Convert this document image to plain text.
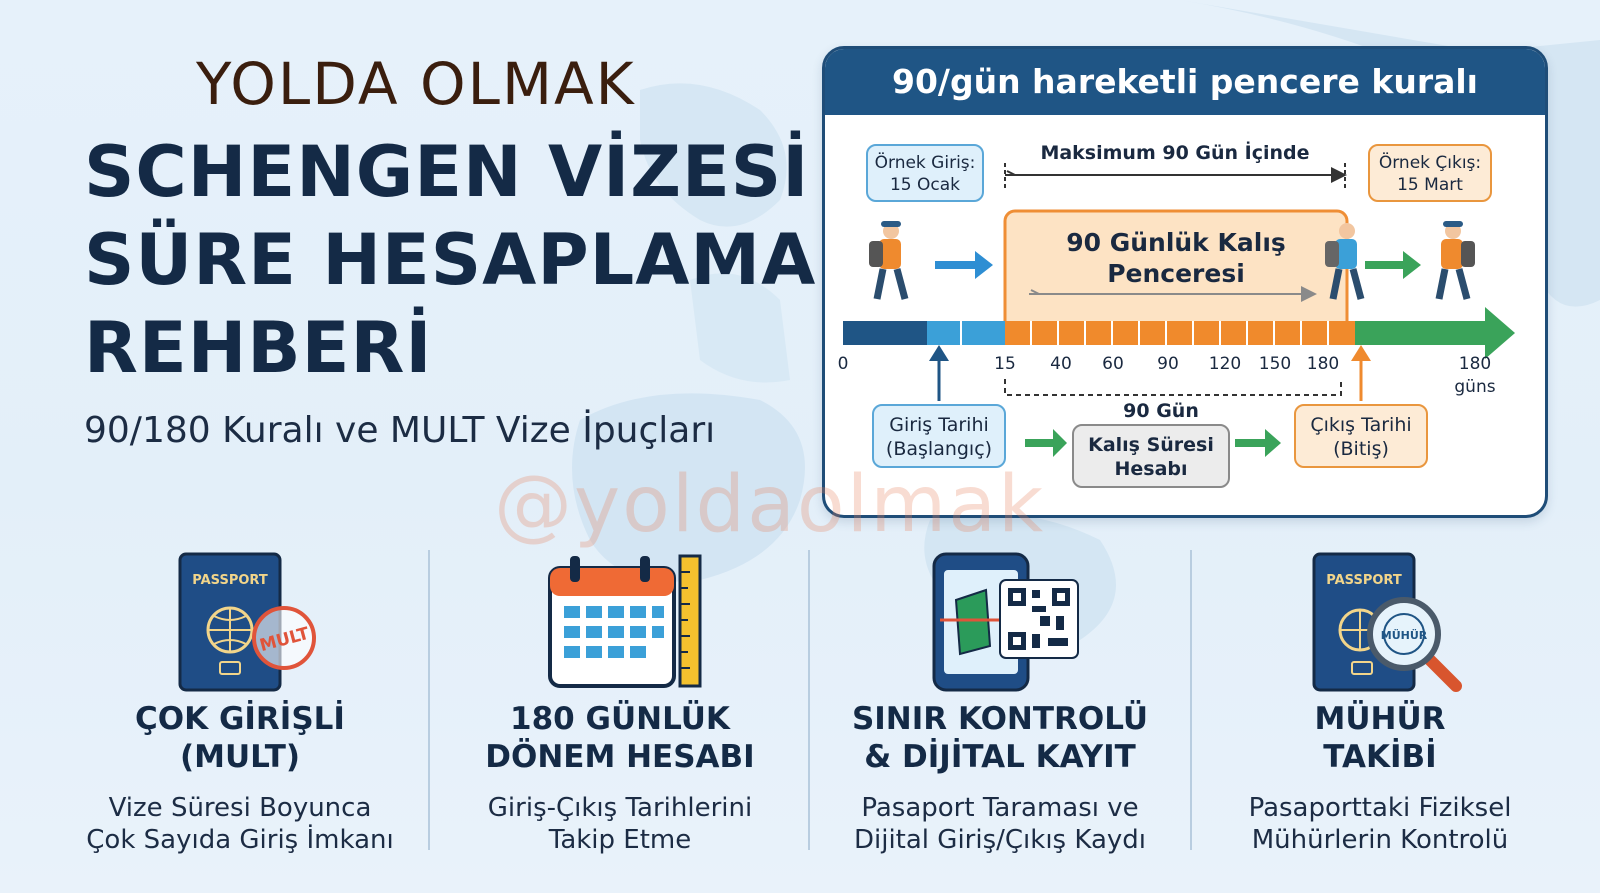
YOLDA OLMAK
SCHENGEN VİZESİ
SÜRE HESAPLAMA
REHBERİ
90/180 Kuralı ve MULT Vize İpuçları
90/gün hareketli pencere kuralı
Örnek Giriş:
15 Ocak
Örnek Çıkış:
15 Mart
Maksimum 90 Gün İçinde
90 Günlük Kalış
Penceresi
0	15 40 60 90 120 150 180	180
güns
90 Gün
Giriş Tarihi
(Başlangıç)	Kalış Süresi
Hesabı
Çıkış Tarihi
(Bitiş)
@yoldaolmak
PASSPORT
MULT
ÇOK GİRİŞLİ
(MULT)
Vize Süresi Boyunca
Çok Sayıda Giriş İmkanı
180 GÜNLÜK
DÖNEM HESABI
Giriş-Çıkış Tarihlerini
Takip Etme
SINIR KONTROLÜ
& DİJİTAL KAYIT
Pasaport Taraması ve
Dijital Giriş/Çıkış Kaydı
PASSPORT
MÜHÜR
MÜHÜR
TAKİBİ
Pasaporttaki Fiziksel
Mühürlerin Kontrolü
